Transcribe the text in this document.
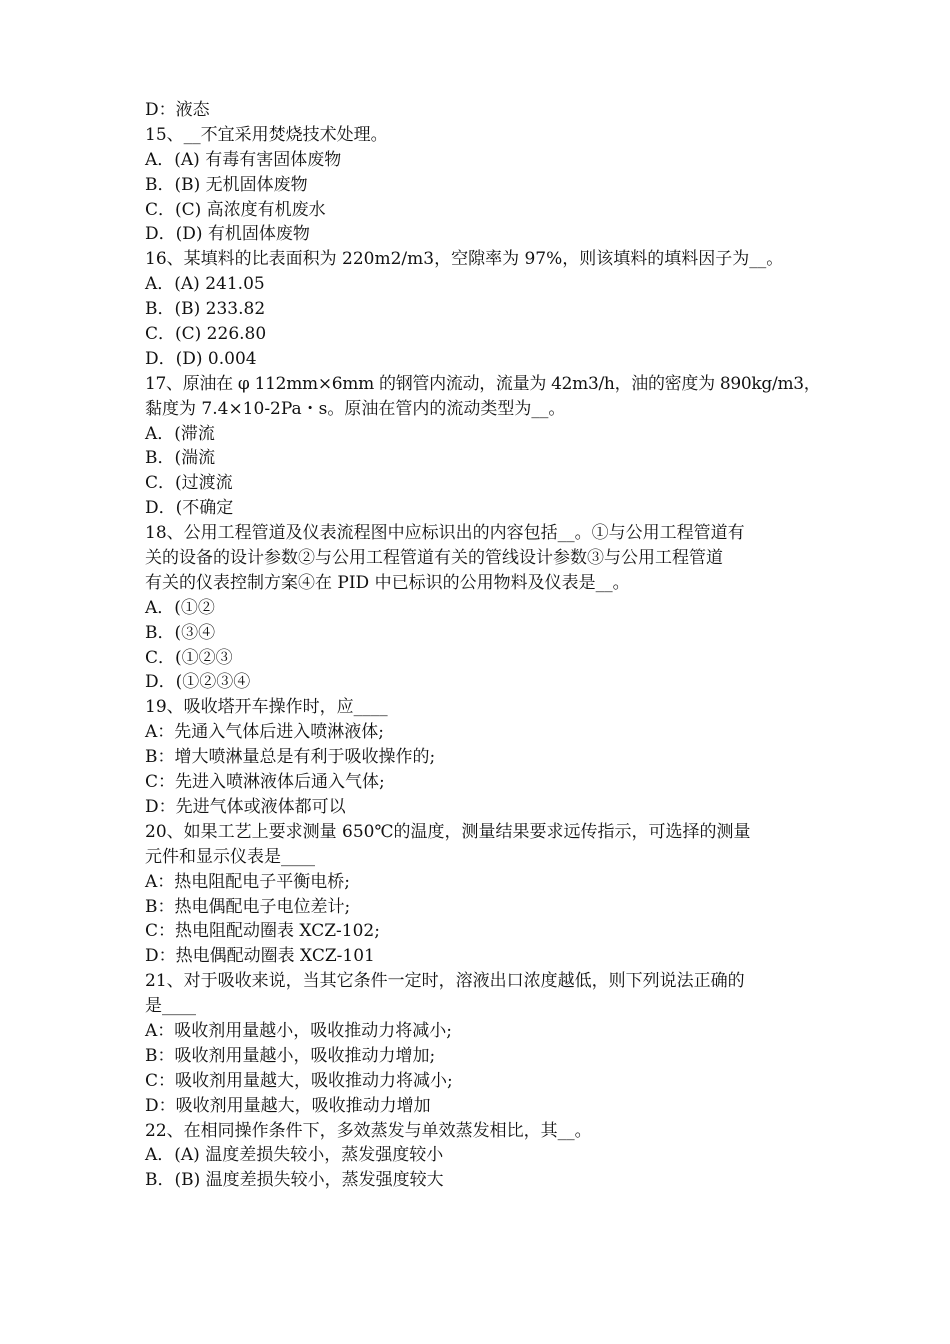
D：液态
15、__不宜采用焚烧技术处理。
A．(A) 有毒有害固体废物
B．(B) 无机固体废物
C．(C) 高浓度有机废水
D．(D) 有机固体废物
16、某填料的比表面积为 220m2/m3，空隙率为 97%，则该填料的填料因子为__。
A．(A) 241.05
B．(B) 233.82
C．(C) 226.80
D．(D) 0.004
17、原油在 φ 112mm×6mm 的钢管内流动，流量为 42m3/h，油的密度为 890kg/m3，
黏度为 7.4×10-2Pa・s。原油在管内的流动类型为__。
A．(滞流
B．(湍流
C．(过渡流
D．(不确定
18、公用工程管道及仪表流程图中应标识出的内容包括__。①与公用工程管道有
关的设备的设计参数②与公用工程管道有关的管线设计参数③与公用工程管道
有关的仪表控制方案④在 PID 中已标识的公用物料及仪表是__。
A．(①②
B．(③④
C．(①②③
D．(①②③④
19、吸收塔开车操作时，应____
A：先通入气体后进入喷淋液体;
B：增大喷淋量总是有利于吸收操作的;
C：先进入喷淋液体后通入气体;
D：先进气体或液体都可以
20、如果工艺上要求测量 650℃的温度，测量结果要求远传指示，可选择的测量
元件和显示仪表是____
A：热电阻配电子平衡电桥;
B：热电偶配电子电位差计;
C：热电阻配动圈表 XCZ-102;
D：热电偶配动圈表 XCZ-101
21、对于吸收来说，当其它条件一定时，溶液出口浓度越低，则下列说法正确的
是____
A：吸收剂用量越小，吸收推动力将减小;
B：吸收剂用量越小，吸收推动力增加;
C：吸收剂用量越大，吸收推动力将减小;
D：吸收剂用量越大，吸收推动力增加
22、在相同操作条件下，多效蒸发与单效蒸发相比，其__。
A．(A) 温度差损失较小，蒸发强度较小
B．(B) 温度差损失较小，蒸发强度较大
